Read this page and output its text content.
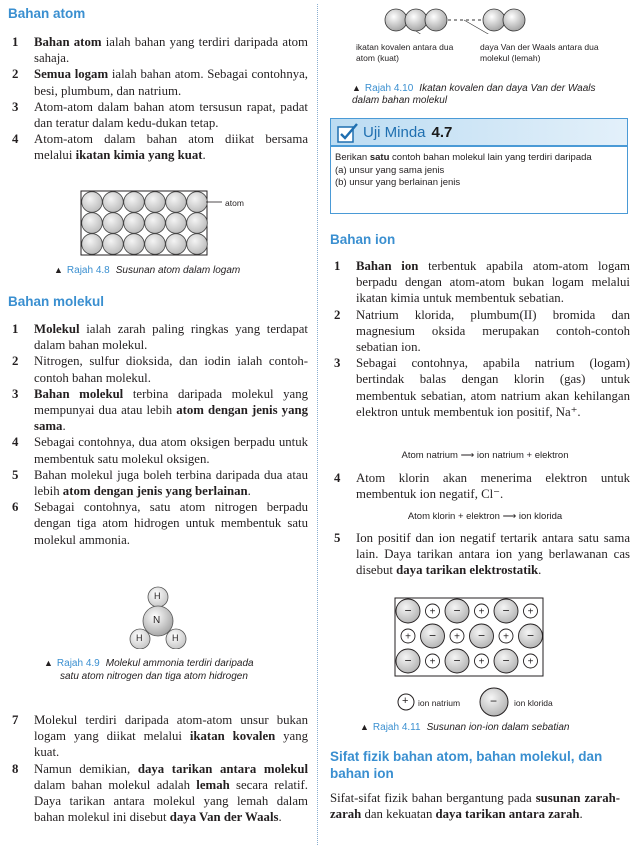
Bahan atom
1 Bahan atom ialah bahan yang terdiri daripada atom sahaja.
2 Semua logam ialah bahan atom. Sebagai contohnya, besi, plumbum, dan natrium.
3 Atom-atom dalam bahan atom tersusun rapat, padat dan teratur dalam kedu-dukan tetap.
4 Atom-atom dalam bahan atom diikat bersama melalui ikatan kimia yang kuat.
atom
▲ Rajah 4.8 Susunan atom dalam logam
Bahan molekul
1 Molekul ialah zarah paling ringkas yang terdapat dalam bahan molekul.
2 Nitrogen, sulfur dioksida, dan iodin ialah contoh-contoh bahan molekul.
3 Bahan molekul terbina daripada molekul yang mempunyai dua atau lebih atom dengan jenis yang sama.
4 Sebagai contohnya, dua atom oksigen berpadu untuk membentuk satu molekul oksigen.
5 Bahan molekul juga boleh terbina daripada dua atau lebih atom dengan jenis yang berlainan.
6 Sebagai contohnya, satu atom nitrogen berpadu dengan tiga atom hidrogen untuk membentuk satu molekul ammonia.
H
N
H	H
▲ Rajah 4.9 Molekul ammonia terdiri daripada
satu atom nitrogen dan tiga atom hidrogen
7 Molekul terdiri daripada atom-atom unsur bukan logam yang diikat melalui ikatan kovalen yang kuat.
8 Namun demikian, daya tarikan antara molekul dalam bahan molekul adalah lemah secara relatif. Daya tarikan antara molekul yang lemah dalam bahan molekul ini disebut daya Van der Waals.
ikatan kovalen antara dua atom (kuat)
daya Van der Waals antara dua molekul (lemah)
▲ Rajah 4.10 Ikatan kovalen dan daya Van der Waals dalam bahan molekul
Uji Minda 4.7
Berikan satu contoh bahan molekul lain yang terdiri daripada
(a) unsur yang sama jenis
(b) unsur yang berlainan jenis
Bahan ion
1 Bahan ion terbentuk apabila atom-atom logam berpadu dengan atom-atom bukan logam melalui ikatan kimia untuk membentuk sebatian.
2 Natrium klorida, plumbum(II) bromida dan magnesium oksida merupakan contoh-contoh sebatian ion.
3 Sebagai contohnya, apabila natrium (logam) bertindak balas dengan klorin (gas) untuk membentuk sebatian, atom natrium akan kehilangan elektron untuk membentuk ion positif, Na⁺.
Atom natrium ⟶ ion natrium + elektron
4 Atom klorin akan menerima elektron untuk membentuk ion negatif, Cl⁻.
Atom klorin + elektron ⟶ ion klorida
5 Ion positif dan ion negatif tertarik antara satu sama lain. Daya tarikan antara ion yang berlawanan cas disebut daya tarikan elektrostatik.
− + − + − +
+ − + − + −
− + − + − +
+ ion natrium − ion klorida
▲ Rajah 4.11 Susunan ion-ion dalam sebatian
Sifat fizik bahan atom, bahan molekul, dan bahan ion
Sifat-sifat fizik bahan bergantung pada susunan zarah-zarah dan kekuatan daya tarikan antara zarah.
